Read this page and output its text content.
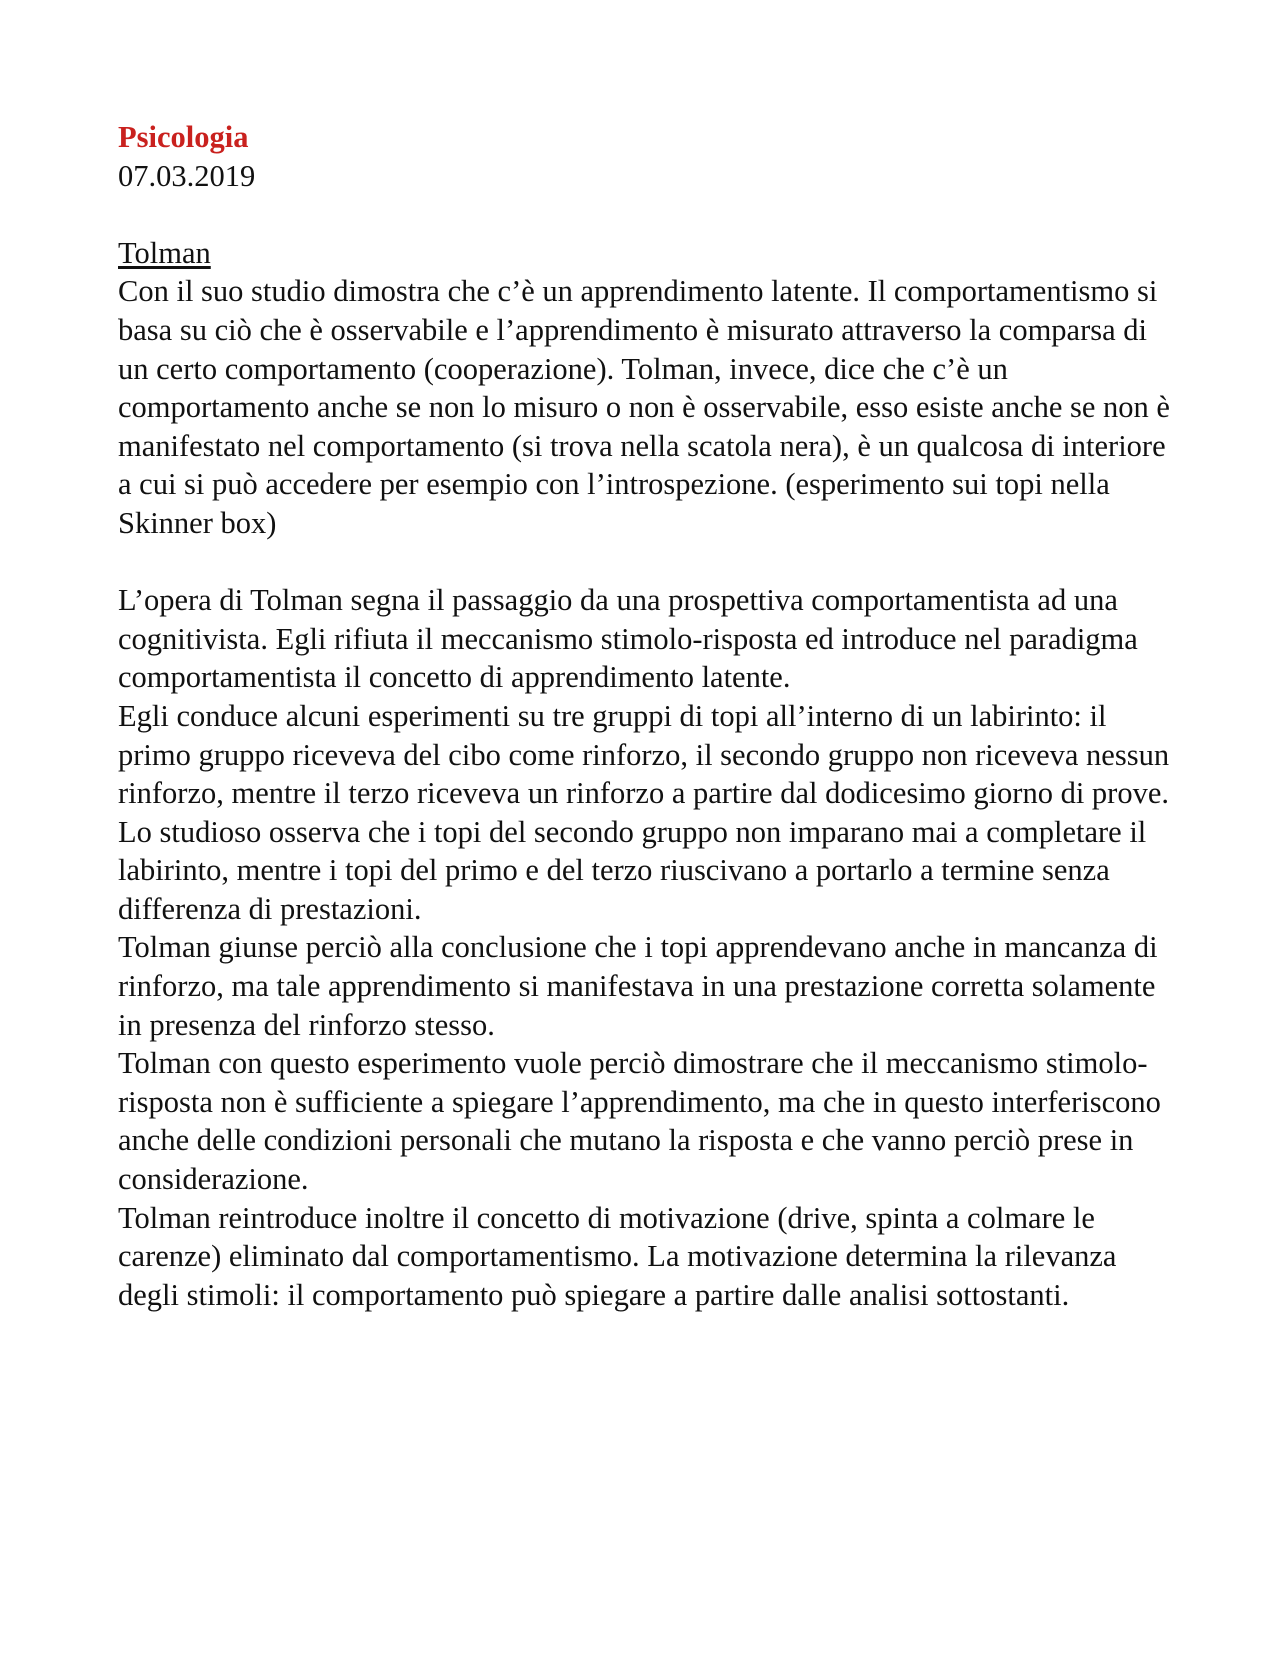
Psicologia
07.03.2019
Tolman

Con il suo studio dimostra che c’è un apprendimento latente. Il comportamentismo si basa su ciò che è osservabile e l’apprendimento è misurato attraverso la comparsa di un certo comportamento (cooperazione). Tolman, invece, dice che c’è un comportamento anche se non lo misuro o non è osservabile, esso esiste anche se non è manifestato nel comportamento (si trova nella scatola nera), è un qualcosa di interiore a cui si può accedere per esempio con l’introspezione. (esperimento sui topi nella Skinner box)

L’opera di Tolman segna il passaggio da una prospettiva comportamentista ad una cognitivista. Egli rifiuta il meccanismo stimolo-risposta ed introduce nel paradigma comportamentista il concetto di apprendimento latente.

Egli conduce alcuni esperimenti su tre gruppi di topi all’interno di un labirinto: il primo gruppo riceveva del cibo come rinforzo, il secondo gruppo non riceveva nessun rinforzo, mentre il terzo riceveva un rinforzo a partire dal dodicesimo giorno di prove. Lo studioso osserva che i topi del secondo gruppo non imparano mai a completare il labirinto, mentre i topi del primo e del terzo riuscivano a portarlo a termine senza differenza di prestazioni.

Tolman giunse perciò alla conclusione che i topi apprendevano anche in mancanza di rinforzo, ma tale apprendimento si manifestava in una prestazione corretta solamente in presenza del rinforzo stesso.

Tolman con questo esperimento vuole perciò dimostrare che il meccanismo stimolo-risposta non è sufficiente a spiegare l’apprendimento, ma che in questo interferiscono anche delle condizioni personali che mutano la risposta e che vanno perciò prese in considerazione.

Tolman reintroduce inoltre il concetto di motivazione (drive, spinta a colmare le carenze) eliminato dal comportamentismo. La motivazione determina la rilevanza degli stimoli: il comportamento può spiegare a partire dalle analisi sottostanti.
